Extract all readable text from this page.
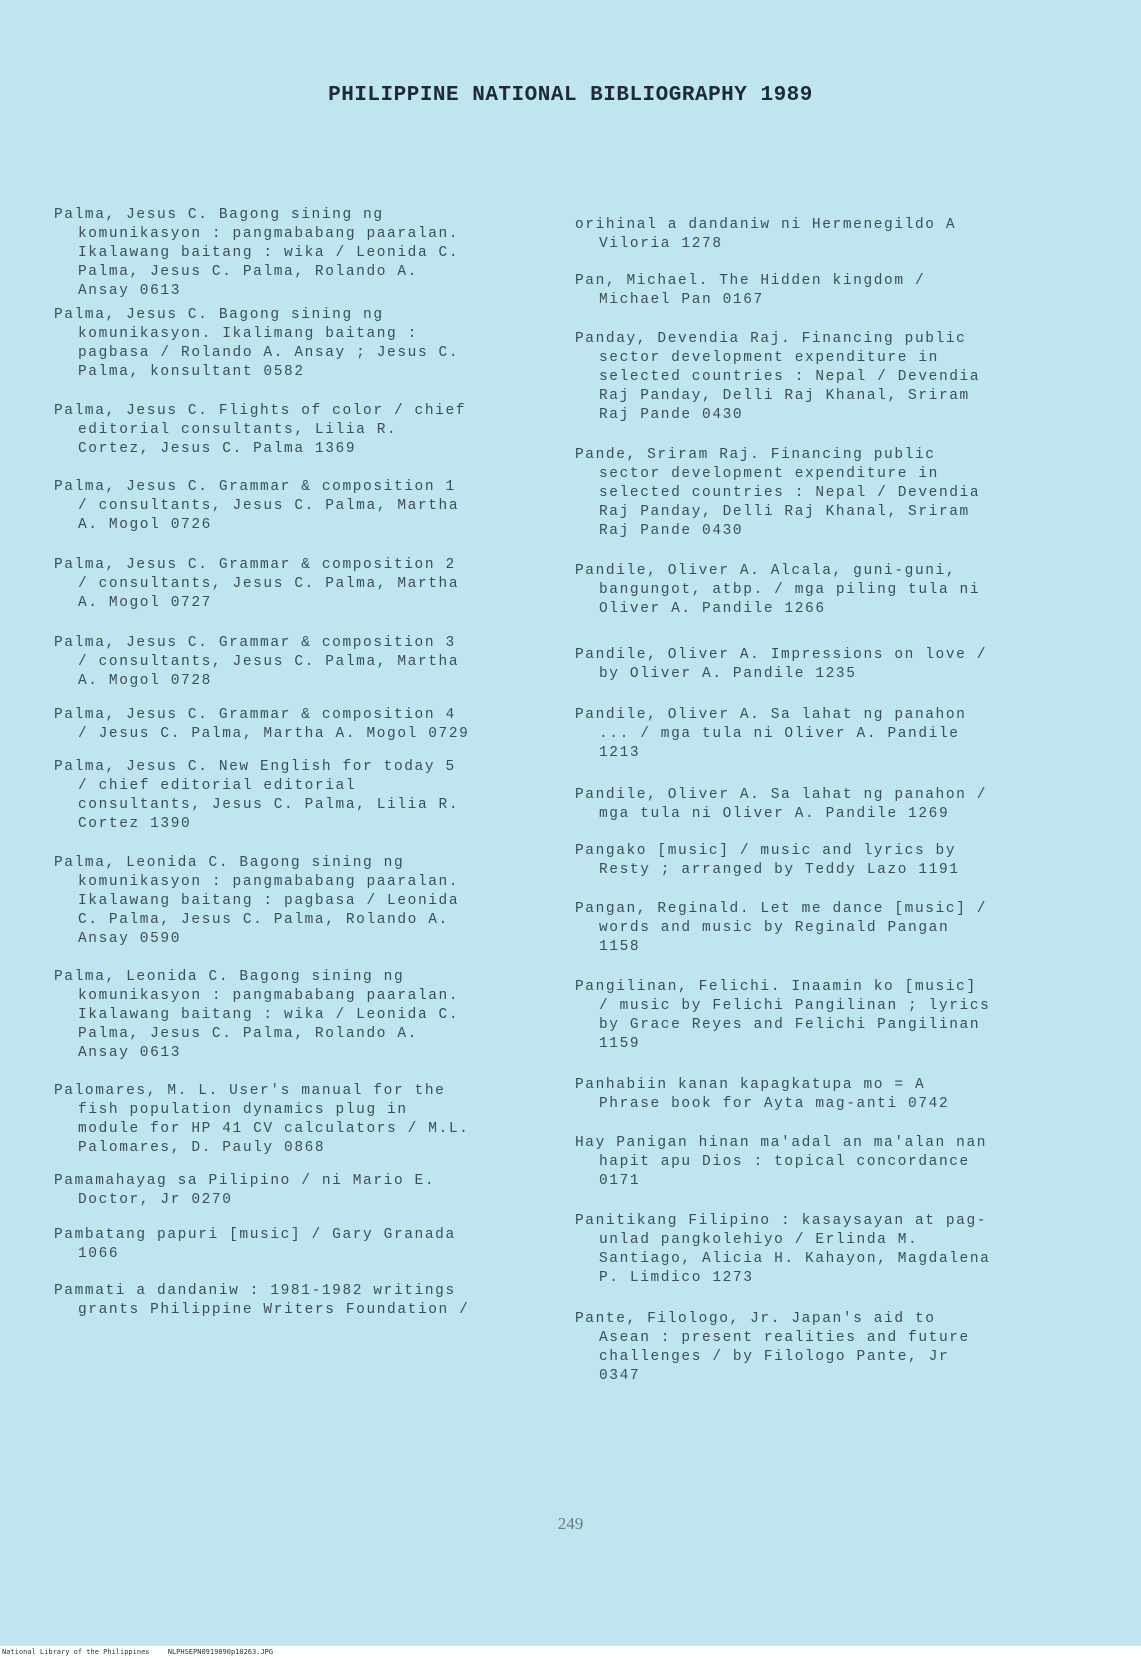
PHILIPPINE NATIONAL BIBLIOGRAPHY 1989
Palma, Jesus C. Bagong sining ng
komunikasyon : pangmababang paaralan.
Ikalawang baitang : wika / Leonida C.
Palma, Jesus C. Palma, Rolando A.
Ansay 0613
Palma, Jesus C. Bagong sining ng
komunikasyon. Ikalimang baitang :
pagbasa / Rolando A. Ansay ; Jesus C.
Palma, konsultant 0582
Palma, Jesus C. Flights of color / chief
editorial consultants, Lilia R.
Cortez, Jesus C. Palma 1369
Palma, Jesus C. Grammar & composition 1
/ consultants, Jesus C. Palma, Martha
A. Mogol 0726
Palma, Jesus C. Grammar & composition 2
/ consultants, Jesus C. Palma, Martha
A. Mogol 0727
Palma, Jesus C. Grammar & composition 3
/ consultants, Jesus C. Palma, Martha
A. Mogol 0728
Palma, Jesus C. Grammar & composition 4
/ Jesus C. Palma, Martha A. Mogol 0729
Palma, Jesus C. New English for today 5
/ chief editorial editorial
consultants, Jesus C. Palma, Lilia R.
Cortez 1390
Palma, Leonida C. Bagong sining ng
komunikasyon : pangmababang paaralan.
Ikalawang baitang : pagbasa / Leonida
C. Palma, Jesus C. Palma, Rolando A.
Ansay 0590
Palma, Leonida C. Bagong sining ng
komunikasyon : pangmababang paaralan.
Ikalawang baitang : wika / Leonida C.
Palma, Jesus C. Palma, Rolando A.
Ansay 0613
Palomares, M. L. User's manual for the
fish population dynamics plug in
module for HP 41 CV calculators / M.L.
Palomares, D. Pauly 0868
Pamamahayag sa Pilipino / ni Mario E.
Doctor, Jr 0270
Pambatang papuri [music] / Gary Granada
1066
Pammati a dandaniw : 1981-1982 writings
grants Philippine Writers Foundation /
orihinal a dandaniw ni Hermenegildo A
Viloria 1278
Pan, Michael. The Hidden kingdom /
Michael Pan 0167
Panday, Devendia Raj. Financing public
sector development expenditure in
selected countries : Nepal / Devendia
Raj Panday, Delli Raj Khanal, Sriram
Raj Pande 0430
Pande, Sriram Raj. Financing public
sector development expenditure in
selected countries : Nepal / Devendia
Raj Panday, Delli Raj Khanal, Sriram
Raj Pande 0430
Pandile, Oliver A. Alcala, guni-guni,
bangungot, atbp. / mga piling tula ni
Oliver A. Pandile 1266
Pandile, Oliver A. Impressions on love /
by Oliver A. Pandile 1235
Pandile, Oliver A. Sa lahat ng panahon
... / mga tula ni Oliver A. Pandile
1213
Pandile, Oliver A. Sa lahat ng panahon /
mga tula ni Oliver A. Pandile 1269
Pangako [music] / music and lyrics by
Resty ; arranged by Teddy Lazo 1191
Pangan, Reginald. Let me dance [music] /
words and music by Reginald Pangan
1158
Pangilinan, Felichi. Inaamin ko [music]
/ music by Felichi Pangilinan ; lyrics
by Grace Reyes and Felichi Pangilinan
1159
Panhabiin kanan kapagkatupa mo = A
Phrase book for Ayta mag-anti 0742
Hay Panigan hinan ma'adal an ma'alan nan
hapit apu Dios : topical concordance
0171
Panitikang Filipino : kasaysayan at pag-
unlad pangkolehiyo / Erlinda M.
Santiago, Alicia H. Kahayon, Magdalena
P. Limdico 1273
Pante, Filologo, Jr. Japan's aid to
Asean : present realities and future
challenges / by Filologo Pante, Jr
0347
249
National Library of the Philippines	NLPHSEPN0919890p10263.JPG
